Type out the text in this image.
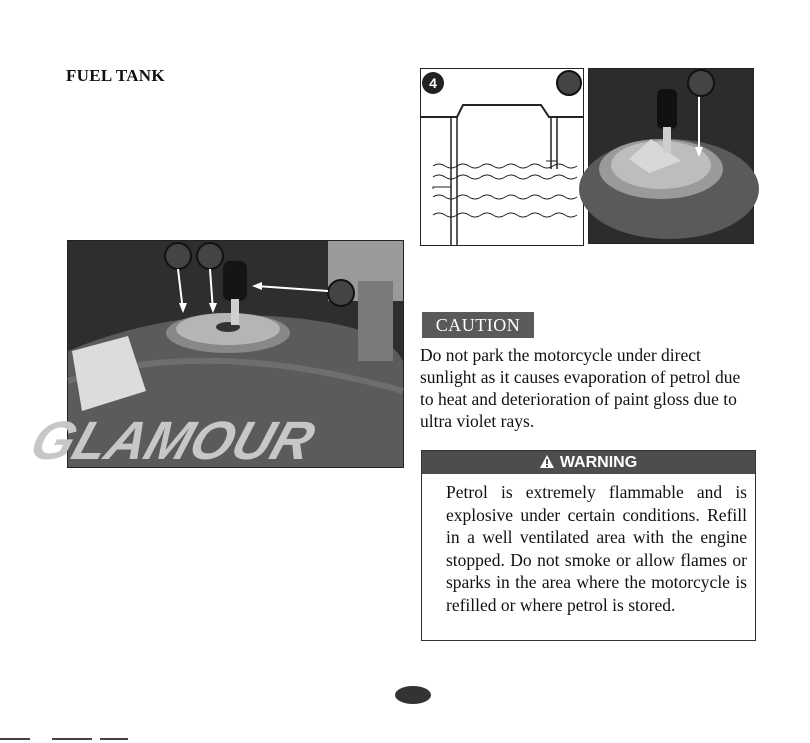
FUEL TANK
GLAMOUR
4
CAUTION
Do not park the motorcycle under direct sunlight as it causes evaporation of petrol due to heat and deterioration of paint gloss due to ultra violet rays.
WARNING
Petrol is extremely flammable and is explosive under certain conditions. Refill in a well ventilated area with the engine stopped. Do not smoke or allow flames or sparks in the area where the motorcycle is refilled or where petrol is stored.
